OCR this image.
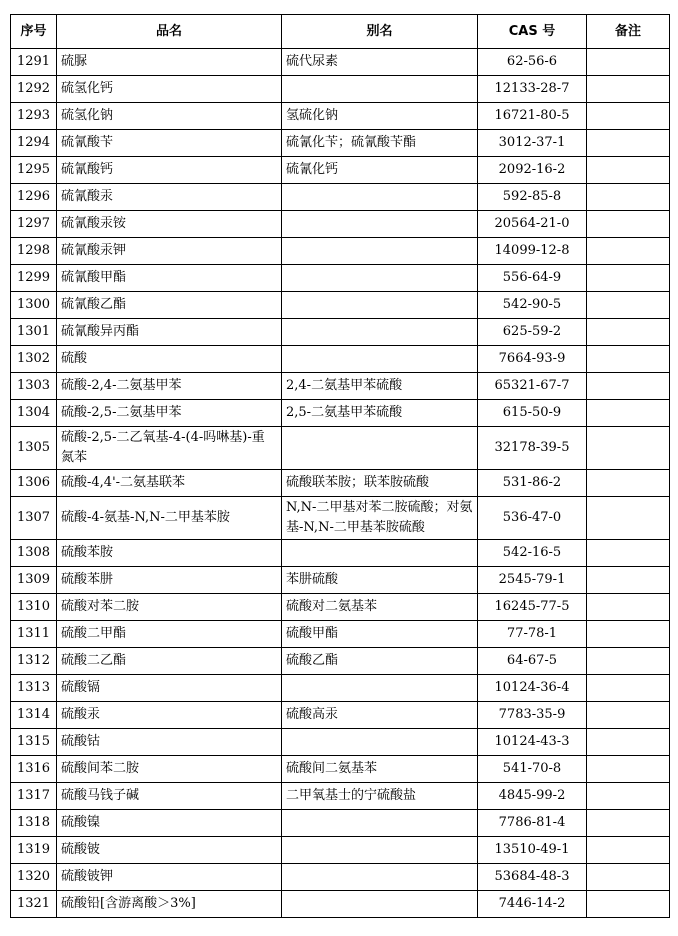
序号	品名	别名	CAS 号	备注
1291	硫脲	硫代尿素	62-56-6	
1292	硫氢化钙		12133-28-7	
1293	硫氢化钠	氢硫化钠	16721-80-5	
1294	硫氰酸苄	硫氰化苄；硫氰酸苄酯	3012-37-1	
1295	硫氰酸钙	硫氰化钙	2092-16-2	
1296	硫氰酸汞		592-85-8	
1297	硫氰酸汞铵		20564-21-0	
1298	硫氰酸汞钾		14099-12-8	
1299	硫氰酸甲酯		556-64-9	
1300	硫氰酸乙酯		542-90-5	
1301	硫氰酸异丙酯		625-59-2	
1302	硫酸		7664-93-9	
1303	硫酸-2,4-二氨基甲苯	2,4-二氨基甲苯硫酸	65321-67-7	
1304	硫酸-2,5-二氨基甲苯	2,5-二氨基甲苯硫酸	615-50-9	
1305	硫酸-2,5-二乙氧基-4-(4-吗啉基)-重氮苯		32178-39-5	
1306	硫酸-4,4'-二氨基联苯	硫酸联苯胺；联苯胺硫酸	531-86-2	
1307	硫酸-4-氨基-N,N-二甲基苯胺	N,N-二甲基对苯二胺硫酸；对氨基-N,N-二甲基苯胺硫酸	536-47-0	
1308	硫酸苯胺		542-16-5	
1309	硫酸苯肼	苯肼硫酸	2545-79-1	
1310	硫酸对苯二胺	硫酸对二氨基苯	16245-77-5	
1311	硫酸二甲酯	硫酸甲酯	77-78-1	
1312	硫酸二乙酯	硫酸乙酯	64-67-5	
1313	硫酸镉		10124-36-4	
1314	硫酸汞	硫酸高汞	7783-35-9	
1315	硫酸钴		10124-43-3	
1316	硫酸间苯二胺	硫酸间二氨基苯	541-70-8	
1317	硫酸马钱子碱	二甲氧基士的宁硫酸盐	4845-99-2	
1318	硫酸镍		7786-81-4	
1319	硫酸铍		13510-49-1	
1320	硫酸铍钾		53684-48-3	
1321	硫酸铅[含游离酸＞3%]		7446-14-2	
